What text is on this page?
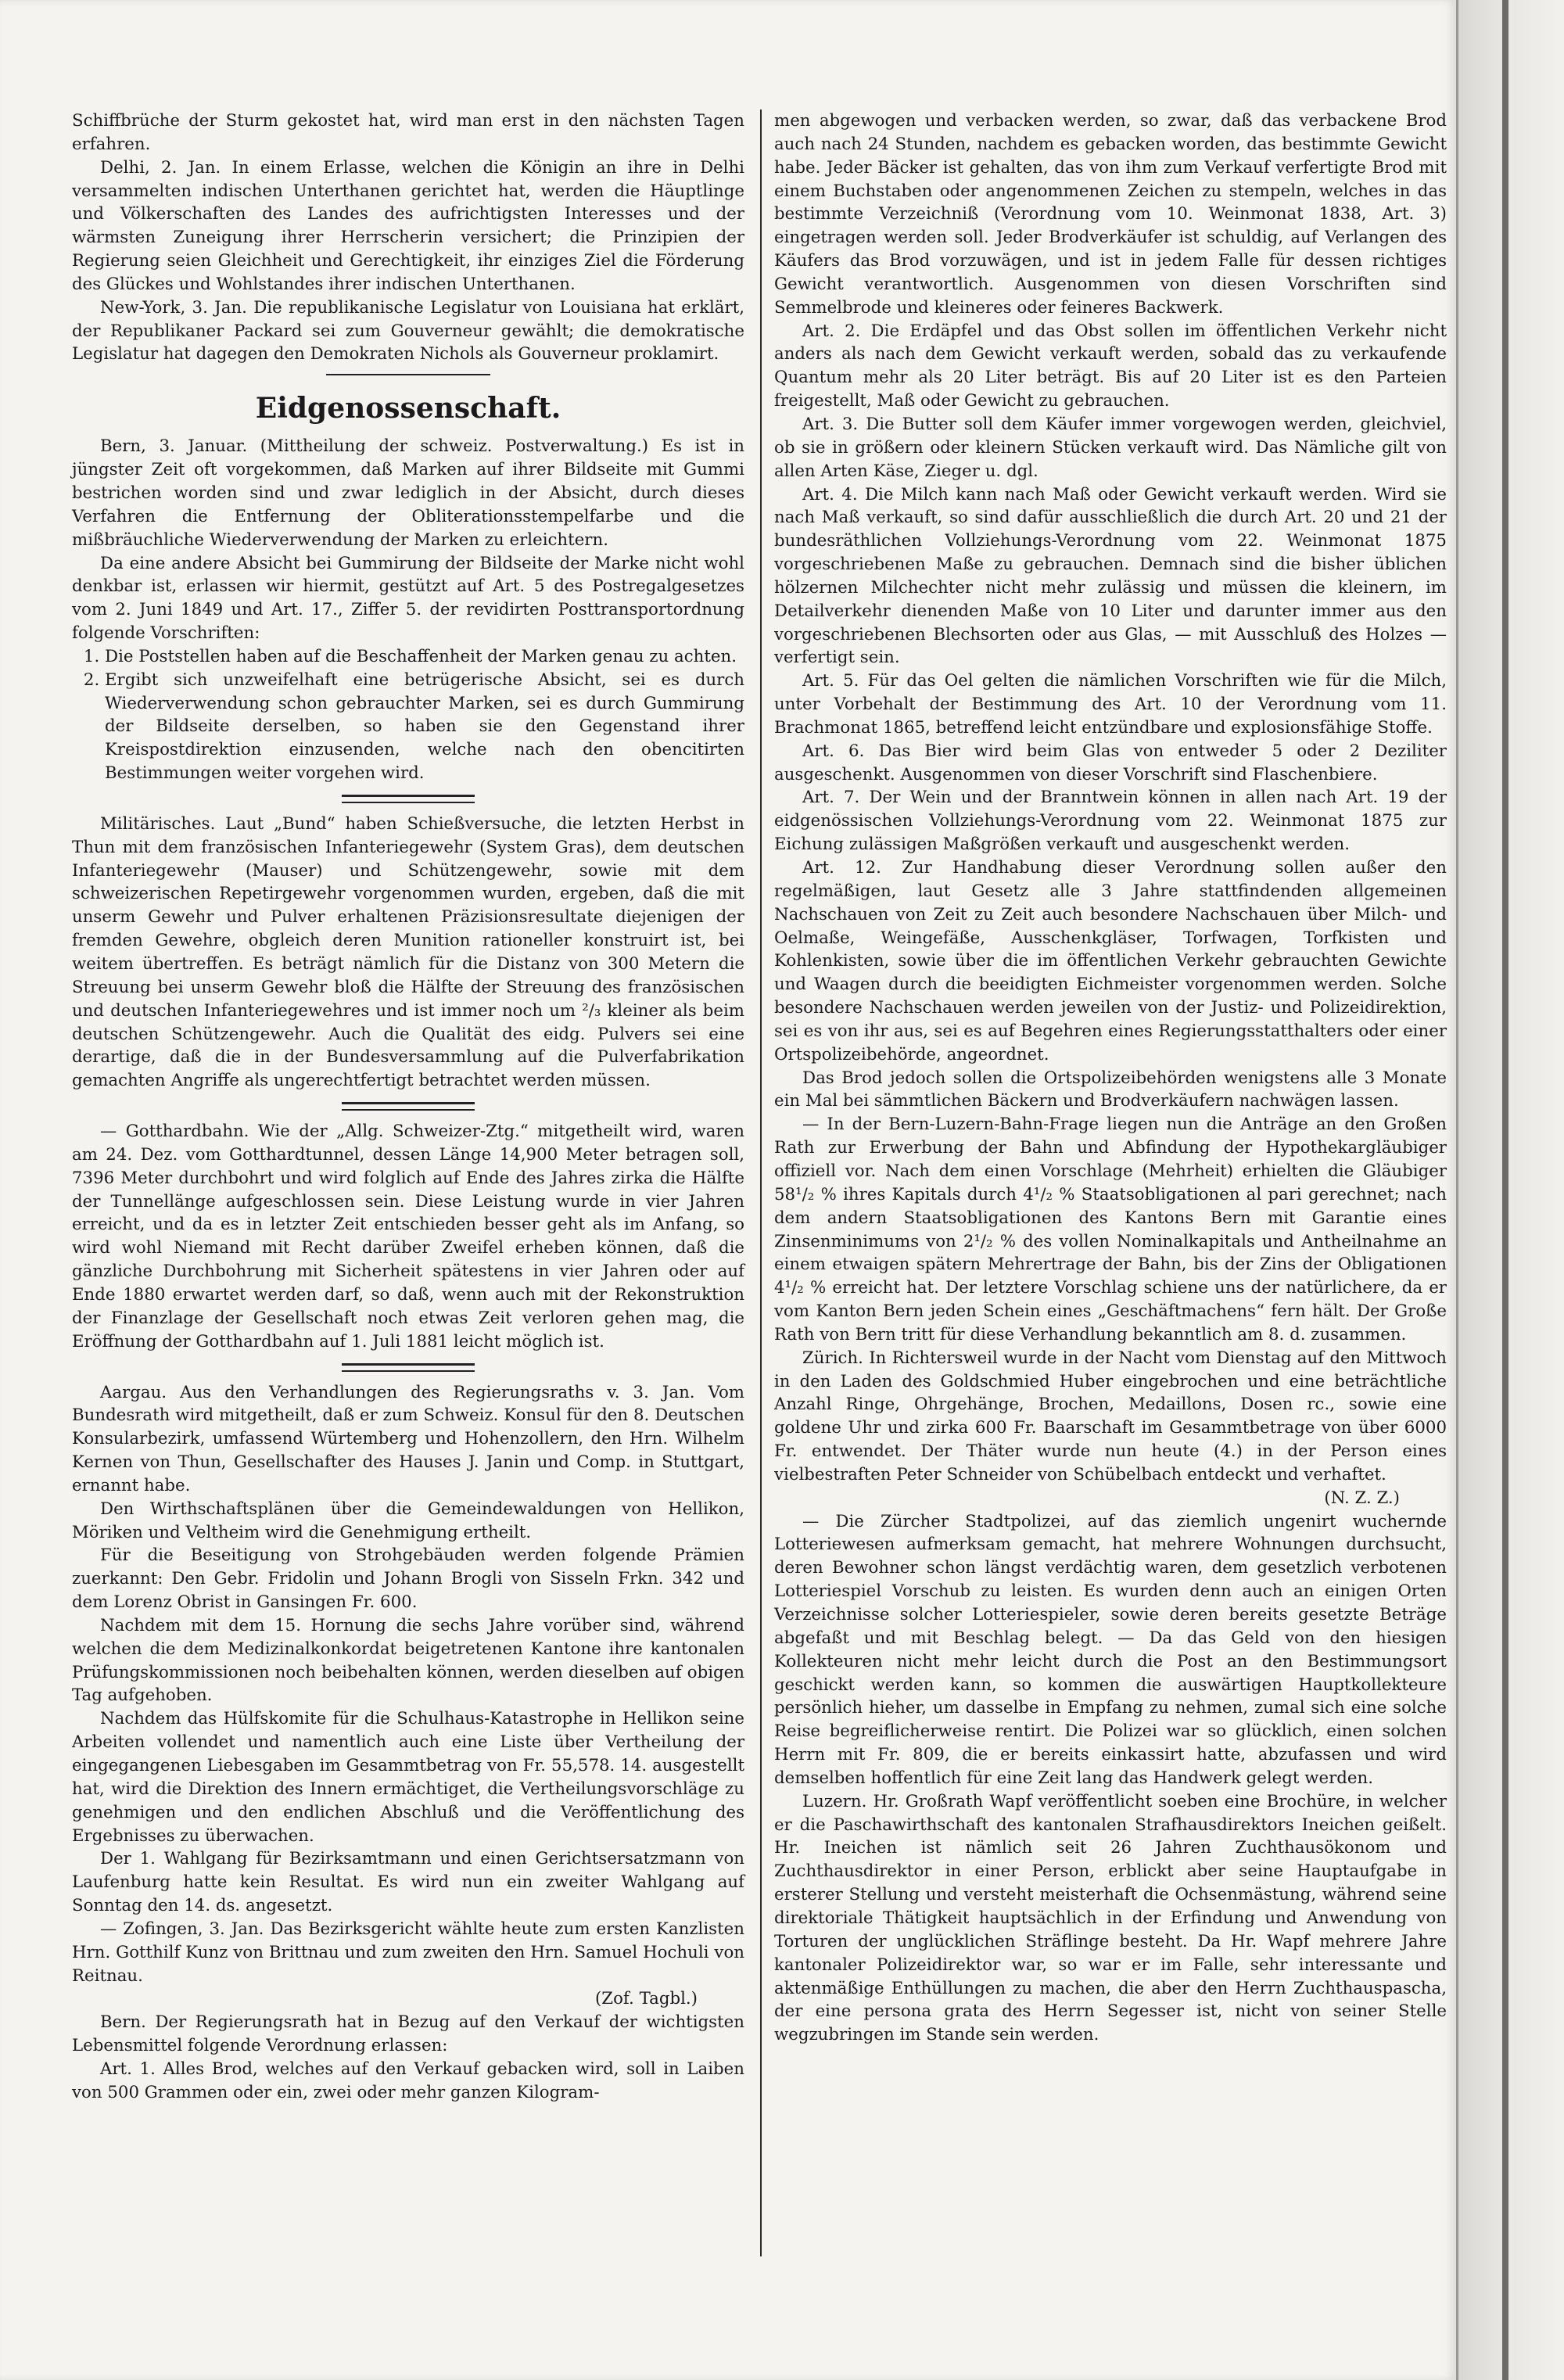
Schiffbrüche der Sturm gekostet hat, wird man erst in den nächsten Tagen erfahren.

Delhi, 2. Jan. In einem Erlasse, welchen die Königin an ihre in Delhi versammelten indischen Unterthanen gerichtet hat, werden die Häuptlinge und Völkerschaften des Landes des aufrichtigsten Interesses und der wärmsten Zuneigung ihrer Herrscherin versichert; die Prinzipien der Regierung seien Gleichheit und Gerechtigkeit, ihr einziges Ziel die Förderung des Glückes und Wohlstandes ihrer indischen Unterthanen.

New-York, 3. Jan. Die republikanische Legislatur von Louisiana hat erklärt, der Republikaner Packard sei zum Gouverneur gewählt; die demokratische Legislatur hat dagegen den Demokraten Nichols als Gouverneur proklamirt.

Eidgenossenschaft.

Bern, 3. Januar. (Mittheilung der schweiz. Postverwaltung.) Es ist in jüngster Zeit oft vorgekommen, daß Marken auf ihrer Bildseite mit Gummi bestrichen worden sind und zwar lediglich in der Absicht, durch dieses Verfahren die Entfernung der Obliterationsstempelfarbe und die mißbräuchliche Wiederverwendung der Marken zu erleichtern.

Da eine andere Absicht bei Gummirung der Bildseite der Marke nicht wohl denkbar ist, erlassen wir hiermit, gestützt auf Art. 5 des Postregalgesetzes vom 2. Juni 1849 und Art. 17., Ziffer 5. der revidirten Posttransportordnung folgende Vorschriften:

1. Die Poststellen haben auf die Beschaffenheit der Marken genau zu achten.
2. Ergibt sich unzweifelhaft eine betrügerische Absicht, sei es durch Wiederverwendung schon gebrauchter Marken, sei es durch Gummirung der Bildseite derselben, so haben sie den Gegenstand ihrer Kreispostdirektion einzusenden, welche nach den obencitirten Bestimmungen weiter vorgehen wird.

Militärisches. Laut „Bund“ haben Schießversuche, die letzten Herbst in Thun mit dem französischen Infanteriegewehr (System Gras), dem deutschen Infanteriegewehr (Mauser) und Schützengewehr, sowie mit dem schweizerischen Repetirgewehr vorgenommen wurden, ergeben, daß die mit unserm Gewehr und Pulver erhaltenen Präzisionsresultate diejenigen der fremden Gewehre, obgleich deren Munition rationeller konstruirt ist, bei weitem übertreffen. Es beträgt nämlich für die Distanz von 300 Metern die Streuung bei unserm Gewehr bloß die Hälfte der Streuung des französischen und deutschen Infanteriegewehres und ist immer noch um ²/₃ kleiner als beim deutschen Schützengewehr. Auch die Qualität des eidg. Pulvers sei eine derartige, daß die in der Bundesversammlung auf die Pulverfabrikation gemachten Angriffe als ungerechtfertigt betrachtet werden müssen.

— Gotthardbahn. Wie der „Allg. Schweizer-Ztg.“ mitgetheilt wird, waren am 24. Dez. vom Gotthardtunnel, dessen Länge 14,900 Meter betragen soll, 7396 Meter durchbohrt und wird folglich auf Ende des Jahres zirka die Hälfte der Tunnellänge aufgeschlossen sein. Diese Leistung wurde in vier Jahren erreicht, und da es in letzter Zeit entschieden besser geht als im Anfang, so wird wohl Niemand mit Recht darüber Zweifel erheben können, daß die gänzliche Durchbohrung mit Sicherheit spätestens in vier Jahren oder auf Ende 1880 erwartet werden darf, so daß, wenn auch mit der Rekonstruktion der Finanzlage der Gesellschaft noch etwas Zeit verloren gehen mag, die Eröffnung der Gotthardbahn auf 1. Juli 1881 leicht möglich ist.

Aargau. Aus den Verhandlungen des Regierungsraths v. 3. Jan. Vom Bundesrath wird mitgetheilt, daß er zum Schweiz. Konsul für den 8. Deutschen Konsularbezirk, umfassend Würtemberg und Hohenzollern, den Hrn. Wilhelm Kernen von Thun, Gesellschafter des Hauses J. Janin und Comp. in Stuttgart, ernannt habe.

Den Wirthschaftsplänen über die Gemeindewaldungen von Hellikon, Möriken und Veltheim wird die Genehmigung ertheilt.

Für die Beseitigung von Strohgebäuden werden folgende Prämien zuerkannt: Den Gebr. Fridolin und Johann Brogli von Sisseln Frkn. 342 und dem Lorenz Obrist in Gansingen Fr. 600.

Nachdem mit dem 15. Hornung die sechs Jahre vorüber sind, während welchen die dem Medizinalkonkordat beigetretenen Kantone ihre kantonalen Prüfungskommissionen noch beibehalten können, werden dieselben auf obigen Tag aufgehoben.

Nachdem das Hülfskomite für die Schulhaus-Katastrophe in Hellikon seine Arbeiten vollendet und namentlich auch eine Liste über Vertheilung der eingegangenen Liebesgaben im Gesammtbetrag von Fr. 55,578. 14. ausgestellt hat, wird die Direktion des Innern ermächtiget, die Vertheilungsvorschläge zu genehmigen und den endlichen Abschluß und die Veröffentlichung des Ergebnisses zu überwachen.

Der 1. Wahlgang für Bezirksamtmann und einen Gerichtsersatzmann von Laufenburg hatte kein Resultat. Es wird nun ein zweiter Wahlgang auf Sonntag den 14. ds. angesetzt.

— Zofingen, 3. Jan. Das Bezirksgericht wählte heute zum ersten Kanzlisten Hrn. Gotthilf Kunz von Brittnau und zum zweiten den Hrn. Samuel Hochuli von Reitnau.

(Zof. Tagbl.)

Bern. Der Regierungsrath hat in Bezug auf den Verkauf der wichtigsten Lebensmittel folgende Verordnung erlassen:

Art. 1. Alles Brod, welches auf den Verkauf gebacken wird, soll in Laiben von 500 Grammen oder ein, zwei oder mehr ganzen Kilogram-

men abgewogen und verbacken werden, so zwar, daß das verbackene Brod auch nach 24 Stunden, nachdem es gebacken worden, das bestimmte Gewicht habe. Jeder Bäcker ist gehalten, das von ihm zum Verkauf verfertigte Brod mit einem Buchstaben oder angenommenen Zeichen zu stempeln, welches in das bestimmte Verzeichniß (Verordnung vom 10. Weinmonat 1838, Art. 3) eingetragen werden soll. Jeder Brodverkäufer ist schuldig, auf Verlangen des Käufers das Brod vorzuwägen, und ist in jedem Falle für dessen richtiges Gewicht verantwortlich. Ausgenommen von diesen Vorschriften sind Semmelbrode und kleineres oder feineres Backwerk.

Art. 2. Die Erdäpfel und das Obst sollen im öffentlichen Verkehr nicht anders als nach dem Gewicht verkauft werden, sobald das zu verkaufende Quantum mehr als 20 Liter beträgt. Bis auf 20 Liter ist es den Parteien freigestellt, Maß oder Gewicht zu gebrauchen.

Art. 3. Die Butter soll dem Käufer immer vorgewogen werden, gleichviel, ob sie in größern oder kleinern Stücken verkauft wird. Das Nämliche gilt von allen Arten Käse, Zieger u. dgl.

Art. 4. Die Milch kann nach Maß oder Gewicht verkauft werden. Wird sie nach Maß verkauft, so sind dafür ausschließlich die durch Art. 20 und 21 der bundesräthlichen Vollziehungs-Verordnung vom 22. Weinmonat 1875 vorgeschriebenen Maße zu gebrauchen. Demnach sind die bisher üblichen hölzernen Milchechter nicht mehr zulässig und müssen die kleinern, im Detailverkehr dienenden Maße von 10 Liter und darunter immer aus den vorgeschriebenen Blechsorten oder aus Glas, — mit Ausschluß des Holzes — verfertigt sein.

Art. 5. Für das Oel gelten die nämlichen Vorschriften wie für die Milch, unter Vorbehalt der Bestimmung des Art. 10 der Verordnung vom 11. Brachmonat 1865, betreffend leicht entzündbare und explosionsfähige Stoffe.

Art. 6. Das Bier wird beim Glas von entweder 5 oder 2 Deziliter ausgeschenkt. Ausgenommen von dieser Vorschrift sind Flaschenbiere.

Art. 7. Der Wein und der Branntwein können in allen nach Art. 19 der eidgenössischen Vollziehungs-Verordnung vom 22. Weinmonat 1875 zur Eichung zulässigen Maßgrößen verkauft und ausgeschenkt werden.

Art. 12. Zur Handhabung dieser Verordnung sollen außer den regelmäßigen, laut Gesetz alle 3 Jahre stattfindenden allgemeinen Nachschauen von Zeit zu Zeit auch besondere Nachschauen über Milch- und Oelmaße, Weingefäße, Ausschenkgläser, Torfwagen, Torfkisten und Kohlenkisten, sowie über die im öffentlichen Verkehr gebrauchten Gewichte und Waagen durch die beeidigten Eichmeister vorgenommen werden. Solche besondere Nachschauen werden jeweilen von der Justiz- und Polizeidirektion, sei es von ihr aus, sei es auf Begehren eines Regierungsstatthalters oder einer Ortspolizeibehörde, angeordnet.

Das Brod jedoch sollen die Ortspolizeibehörden wenigstens alle 3 Monate ein Mal bei sämmtlichen Bäckern und Brodverkäufern nachwägen lassen.

— In der Bern-Luzern-Bahn-Frage liegen nun die Anträge an den Großen Rath zur Erwerbung der Bahn und Abfindung der Hypothekargläubiger offiziell vor. Nach dem einen Vorschlage (Mehrheit) erhielten die Gläubiger 58¹/₂ % ihres Kapitals durch 4¹/₂ % Staatsobligationen al pari gerechnet; nach dem andern Staatsobligationen des Kantons Bern mit Garantie eines Zinsenminimums von 2¹/₂ % des vollen Nominalkapitals und Antheilnahme an einem etwaigen spätern Mehrertrage der Bahn, bis der Zins der Obligationen 4¹/₂ % erreicht hat. Der letztere Vorschlag schiene uns der natürlichere, da er vom Kanton Bern jeden Schein eines „Geschäftmachens“ fern hält. Der Große Rath von Bern tritt für diese Verhandlung bekanntlich am 8. d. zusammen.

Zürich. In Richtersweil wurde in der Nacht vom Dienstag auf den Mittwoch in den Laden des Goldschmied Huber eingebrochen und eine beträchtliche Anzahl Ringe, Ohrgehänge, Brochen, Medaillons, Dosen rc., sowie eine goldene Uhr und zirka 600 Fr. Baarschaft im Gesammtbetrage von über 6000 Fr. entwendet. Der Thäter wurde nun heute (4.) in der Person eines vielbestraften Peter Schneider von Schübelbach entdeckt und verhaftet.

(N. Z. Z.)

— Die Zürcher Stadtpolizei, auf das ziemlich ungenirt wuchernde Lotteriewesen aufmerksam gemacht, hat mehrere Wohnungen durchsucht, deren Bewohner schon längst verdächtig waren, dem gesetzlich verbotenen Lotteriespiel Vorschub zu leisten. Es wurden denn auch an einigen Orten Verzeichnisse solcher Lotteriespieler, sowie deren bereits gesetzte Beträge abgefaßt und mit Beschlag belegt. — Da das Geld von den hiesigen Kollekteuren nicht mehr leicht durch die Post an den Bestimmungsort geschickt werden kann, so kommen die auswärtigen Hauptkollekteure persönlich hieher, um dasselbe in Empfang zu nehmen, zumal sich eine solche Reise begreiflicherweise rentirt. Die Polizei war so glücklich, einen solchen Herrn mit Fr. 809, die er bereits einkassirt hatte, abzufassen und wird demselben hoffentlich für eine Zeit lang das Handwerk gelegt werden.

Luzern. Hr. Großrath Wapf veröffentlicht soeben eine Brochüre, in welcher er die Paschawirthschaft des kantonalen Strafhausdirektors Ineichen geißelt. Hr. Ineichen ist nämlich seit 26 Jahren Zuchthausökonom und Zuchthausdirektor in einer Person, erblickt aber seine Hauptaufgabe in ersterer Stellung und versteht meisterhaft die Ochsenmästung, während seine direktoriale Thätigkeit hauptsächlich in der Erfindung und Anwendung von Torturen der unglücklichen Sträflinge besteht. Da Hr. Wapf mehrere Jahre kantonaler Polizeidirektor war, so war er im Falle, sehr interessante und aktenmäßige Enthüllungen zu machen, die aber den Herrn Zuchthauspascha, der eine persona grata des Herrn Segesser ist, nicht von seiner Stelle wegzubringen im Stande sein werden.
